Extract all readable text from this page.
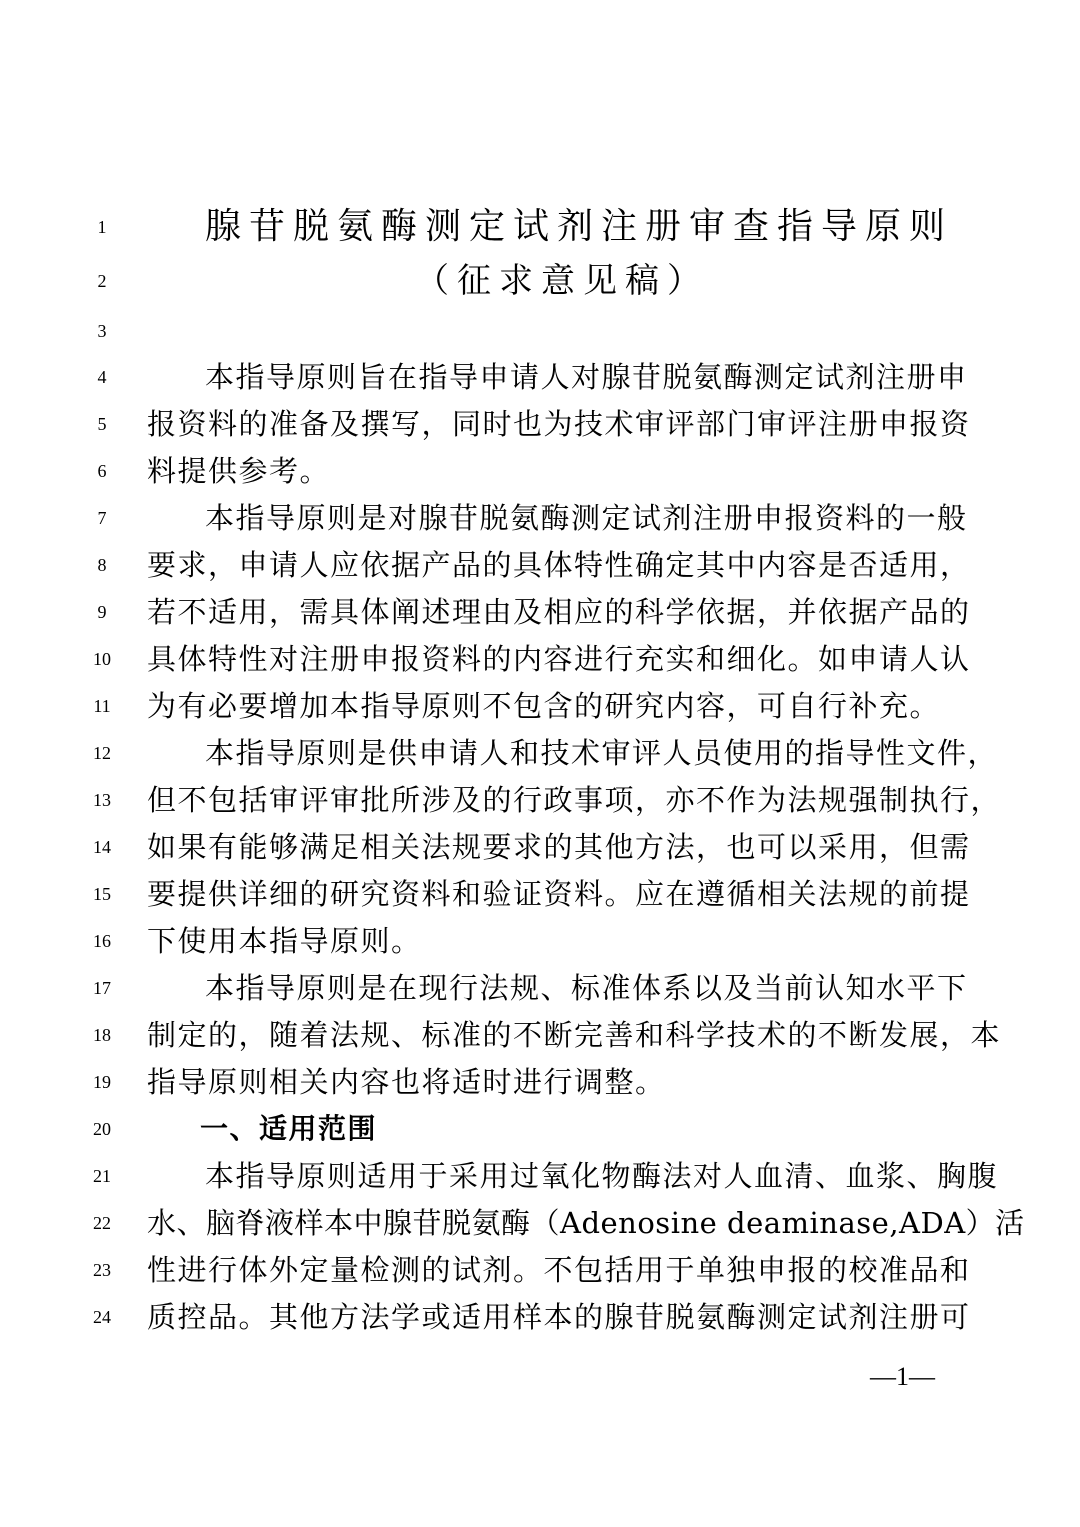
1	腺苷脱氨酶测定试剂注册审查指导原则
2	（征求意见稿）
3
4	本指导原则旨在指导申请人对腺苷脱氨酶测定试剂注册申
5	报资料的准备及撰写，同时也为技术审评部门审评注册申报资
6	料提供参考。
7	本指导原则是对腺苷脱氨酶测定试剂注册申报资料的一般
8	要求，申请人应依据产品的具体特性确定其中内容是否适用，
9	若不适用，需具体阐述理由及相应的科学依据，并依据产品的
10	具体特性对注册申报资料的内容进行充实和细化。如申请人认
11	为有必要增加本指导原则不包含的研究内容，可自行补充。
12	本指导原则是供申请人和技术审评人员使用的指导性文件，
13	但不包括审评审批所涉及的行政事项，亦不作为法规强制执行，
14	如果有能够满足相关法规要求的其他方法，也可以采用，但需
15	要提供详细的研究资料和验证资料。应在遵循相关法规的前提
16	下使用本指导原则。
17	本指导原则是在现行法规、标准体系以及当前认知水平下
18	制定的，随着法规、标准的不断完善和科学技术的不断发展，本
19	指导原则相关内容也将适时进行调整。
20	一、适用范围
21	本指导原则适用于采用过氧化物酶法对人血清、血浆、胸腹
22	水、脑脊液样本中腺苷脱氨酶（Adenosine deaminase,ADA）活
23	性进行体外定量检测的试剂。不包括用于单独申报的校准品和
24	质控品。其他方法学或适用样本的腺苷脱氨酶测定试剂注册可
—1—
